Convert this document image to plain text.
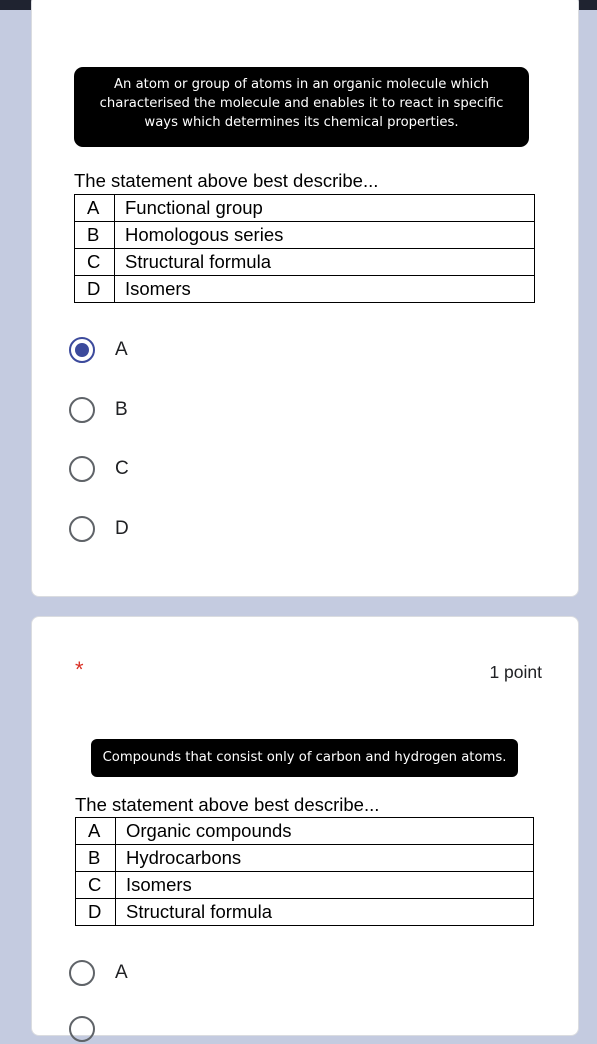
An atom or group of atoms in an organic molecule which characterised the molecule and enables it to react in specific ways which determines its chemical properties.
The statement above best describe...
A	Functional group
B	Homologous series
C	Structural formula
D	Isomers
A
B
C
D
*	1 point
Compounds that consist only of carbon and hydrogen atoms.
The statement above best describe...
A	Organic compounds
B	Hydrocarbons
C	Isomers
D	Structural formula
A
